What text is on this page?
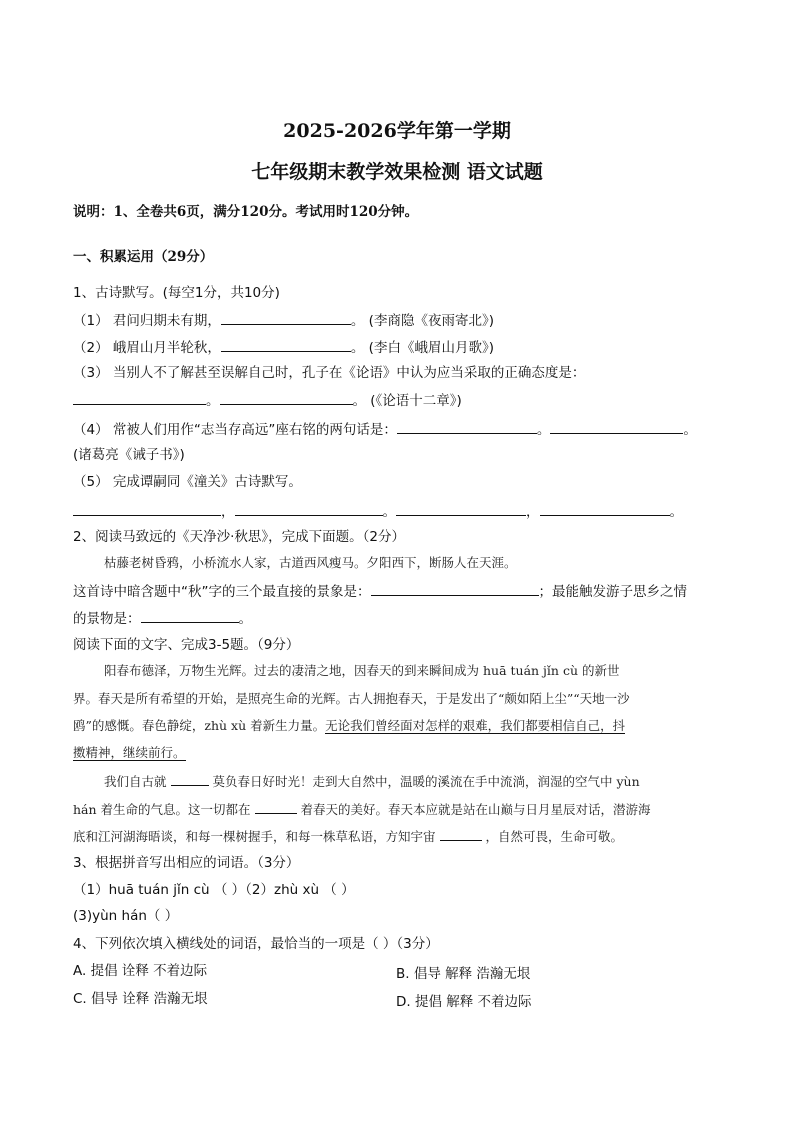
2025-2026学年第一学期
七年级期末教学效果检测 语文试题
说明：1、全卷共6页，满分120分。考试用时120分钟。
一、积累运用（29分）
1、古诗默写。(每空1分，共10分)
（1） 君问归期未有期，	。 (李商隐《夜雨寄北》)
（2） 峨眉山月半轮秋，	。 (李白《峨眉山月歌》)
（3） 当别人不了解甚至误解自己时，孔子在《论语》中认为应当采取的正确态度是：
。	。 (《论语十二章》)
（4） 常被人们用作“志当存高远”座右铭的两句话是：	。	。
(诸葛亮《诫子书》)
（5） 完成谭嗣同《潼关》古诗默写。
，	。	，	。
2、阅读马致远的《天净沙·秋思》，完成下面题。（2分）
枯藤老树昏鸦，小桥流水人家，古道西风瘦马。夕阳西下，断肠人在天涯。
这首诗中暗含题中“秋”字的三个最直接的景象是：	；最能触发游子思乡之情
的景物是：	。
阅读下面的文字、完成3-5题。（9分）
阳春布德泽，万物生光辉。过去的凄清之地，因春天的到来瞬间成为 huā tuán jǐn cù 的新世
界。春天是所有希望的开始，是照亮生命的光辉。古人拥抱春天，于是发出了“颇如陌上尘”“天地一沙
鸥”的感慨。春色静绽，zhù xù 着新生力量。无论我们曾经面对怎样的艰难，我们都要相信自己，抖
擞精神，继续前行。
我们自古就	莫负春日好时光！走到大自然中，温暖的溪流在手中流淌，润湿的空气中 yùn
hán 着生命的气息。这一切都在	着春天的美好。春天本应就是站在山巅与日月星辰对话，潜游海
底和江河湖海晤谈，和每一棵树握手，和每一株草私语，方知宇宙	，自然可畏，生命可敬。
3、根据拼音写出相应的词语。（3分）
（1）huā tuán jǐn cù （ ）（2）zhù xù （ ）
(3)yùn hán（ ）
4、下列依次填入横线处的词语，最恰当的一项是（ ）（3分）
A. 提倡 诠释 不着边际	B. 倡导 解释 浩瀚无垠
C. 倡导 诠释 浩瀚无垠	D. 提倡 解释 不着边际
